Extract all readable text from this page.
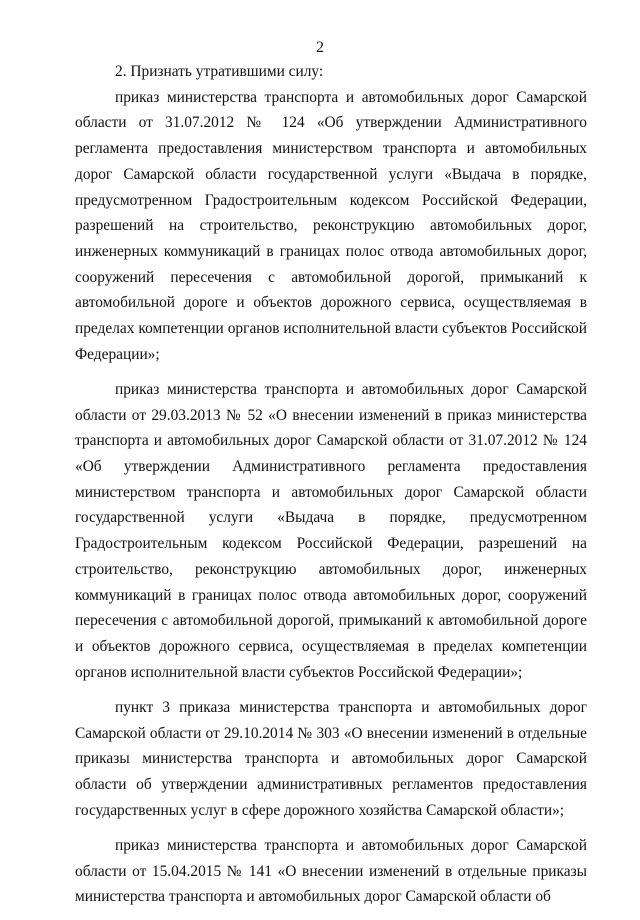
2

2. Признать утратившими силу:

приказ министерства транспорта и автомобильных дорог Самарской области от 31.07.2012 № 124 «Об утверждении Административного регламента предоставления министерством транспорта и автомобильных дорог Самарской области государственной услуги «Выдача в порядке, предусмотренном Градостроительным кодексом Российской Федерации, разрешений на строительство, реконструкцию автомобильных дорог, инженерных коммуникаций в границах полос отвода автомобильных дорог, сооружений пересечения с автомобильной дорогой, примыканий к автомобильной дороге и объектов дорожного сервиса, осуществляемая в пределах компетенции органов исполнительной власти субъектов Российской Федерации»;

приказ министерства транспорта и автомобильных дорог Самарской области от 29.03.2013 № 52 «О внесении изменений в приказ министерства транспорта и автомобильных дорог Самарской области от 31.07.2012 № 124 «Об утверждении Административного регламента предоставления министерством транспорта и автомобильных дорог Самарской области государственной услуги «Выдача в порядке, предусмотренном Градостроительным кодексом Российской Федерации, разрешений на строительство, реконструкцию автомобильных дорог, инженерных коммуникаций в границах полос отвода автомобильных дорог, сооружений пересечения с автомобильной дорогой, примыканий к автомобильной дороге и объектов дорожного сервиса, осуществляемая в пределах компетенции органов исполнительной власти субъектов Российской Федерации»;

пункт 3 приказа министерства транспорта и автомобильных дорог Самарской области от 29.10.2014 № 303 «О внесении изменений в отдельные приказы министерства транспорта и автомобильных дорог Самарской области об утверждении административных регламентов предоставления государственных услуг в сфере дорожного хозяйства Самарской области»;

приказ министерства транспорта и автомобильных дорог Самарской области от 15.04.2015 № 141 «О внесении изменений в отдельные приказы министерства транспорта и автомобильных дорог Самарской области об
